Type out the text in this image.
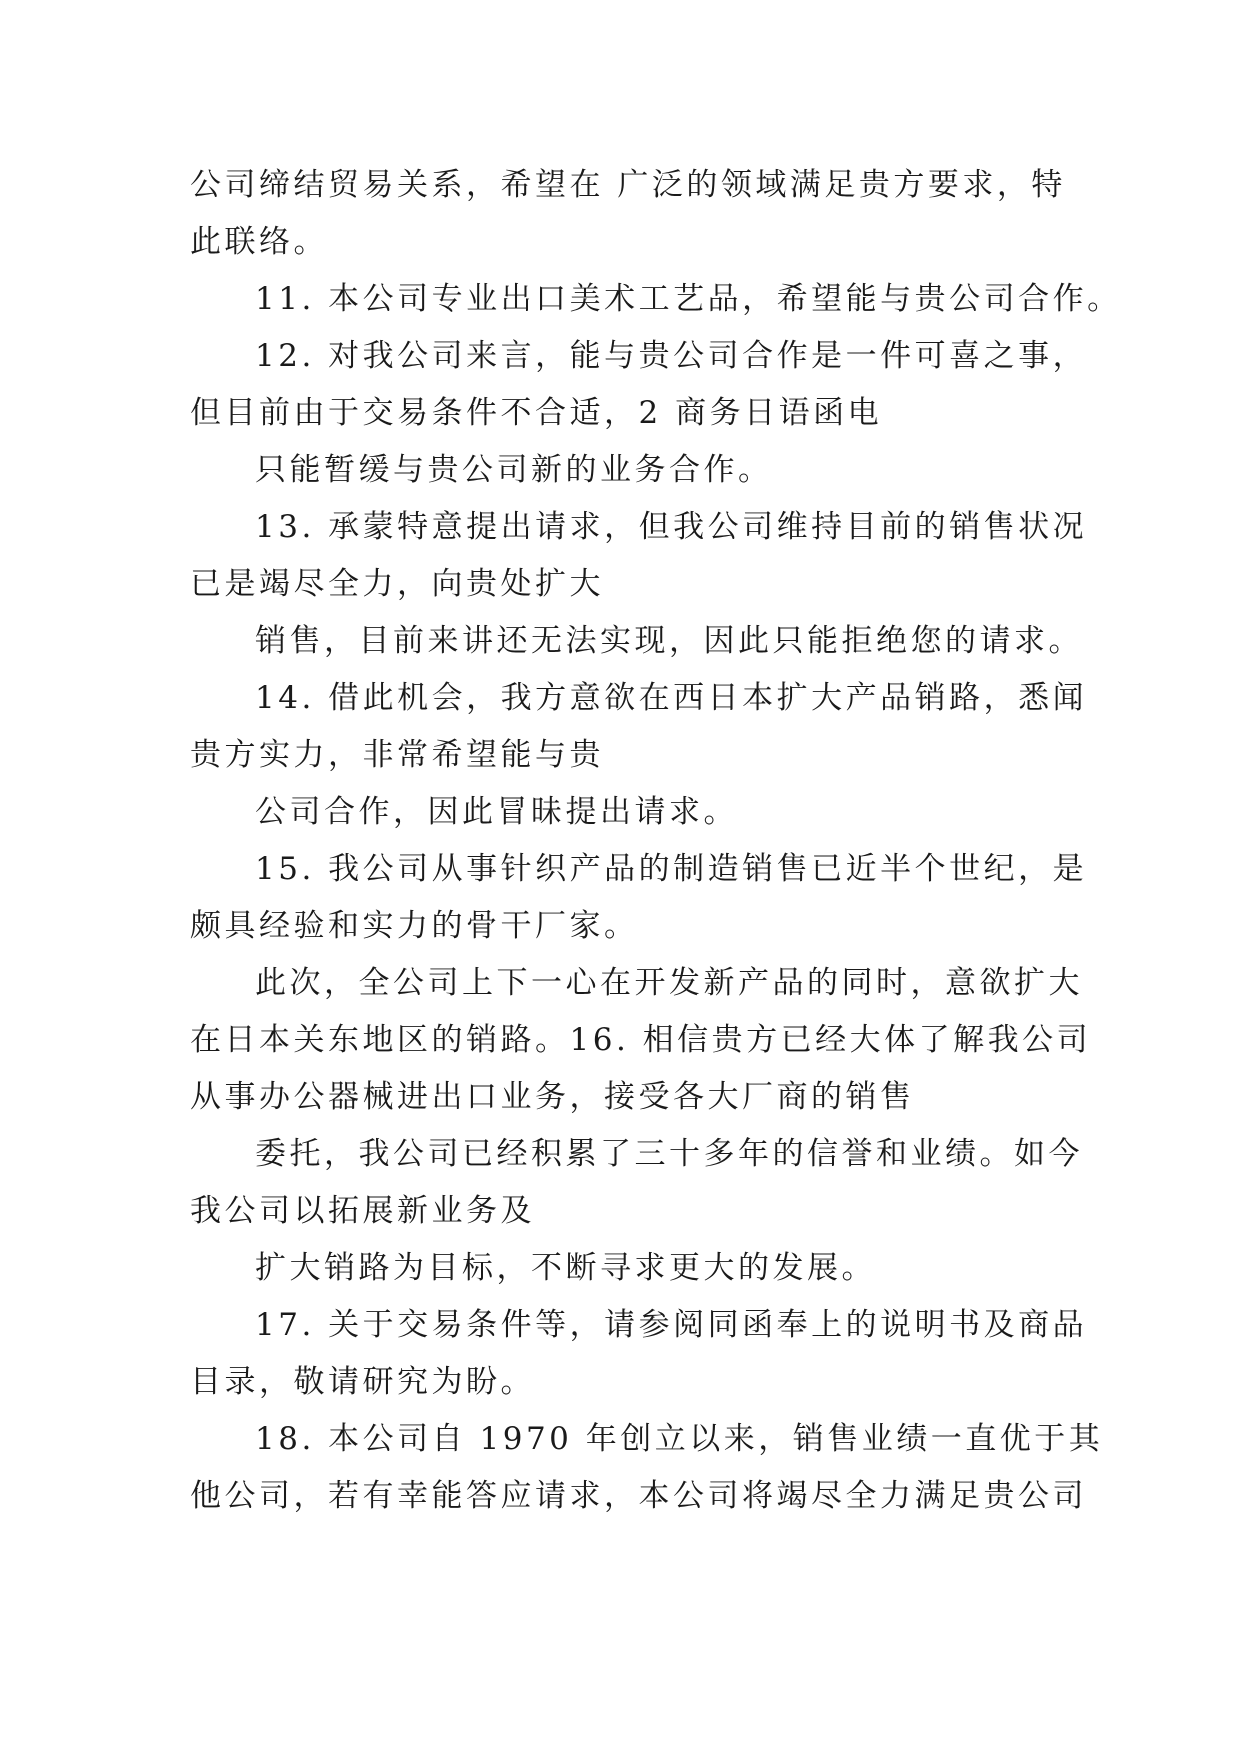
公司缔结贸易关系，希望在 广泛的领域满足贵方要求，特
此联络。
11. 本公司专业出口美术工艺品，希望能与贵公司合作。
12. 对我公司来言，能与贵公司合作是一件可喜之事，
但目前由于交易条件不合适，2 商务日语函电
只能暂缓与贵公司新的业务合作。
13. 承蒙特意提出请求，但我公司维持目前的销售状况
已是竭尽全力，向贵处扩大
销售，目前来讲还无法实现，因此只能拒绝您的请求。
14. 借此机会，我方意欲在西日本扩大产品销路，悉闻
贵方实力，非常希望能与贵
公司合作，因此冒昧提出请求。
15. 我公司从事针织产品的制造销售已近半个世纪，是
颇具经验和实力的骨干厂家。
此次，全公司上下一心在开发新产品的同时，意欲扩大
在日本关东地区的销路。16. 相信贵方已经大体了解我公司
从事办公器械进出口业务，接受各大厂商的销售
委托，我公司已经积累了三十多年的信誉和业绩。如今
我公司以拓展新业务及
扩大销路为目标，不断寻求更大的发展。
17. 关于交易条件等，请参阅同函奉上的说明书及商品
目录，敬请研究为盼。
18. 本公司自 1970 年创立以来，销售业绩一直优于其
他公司，若有幸能答应请求，本公司将竭尽全力满足贵公司
